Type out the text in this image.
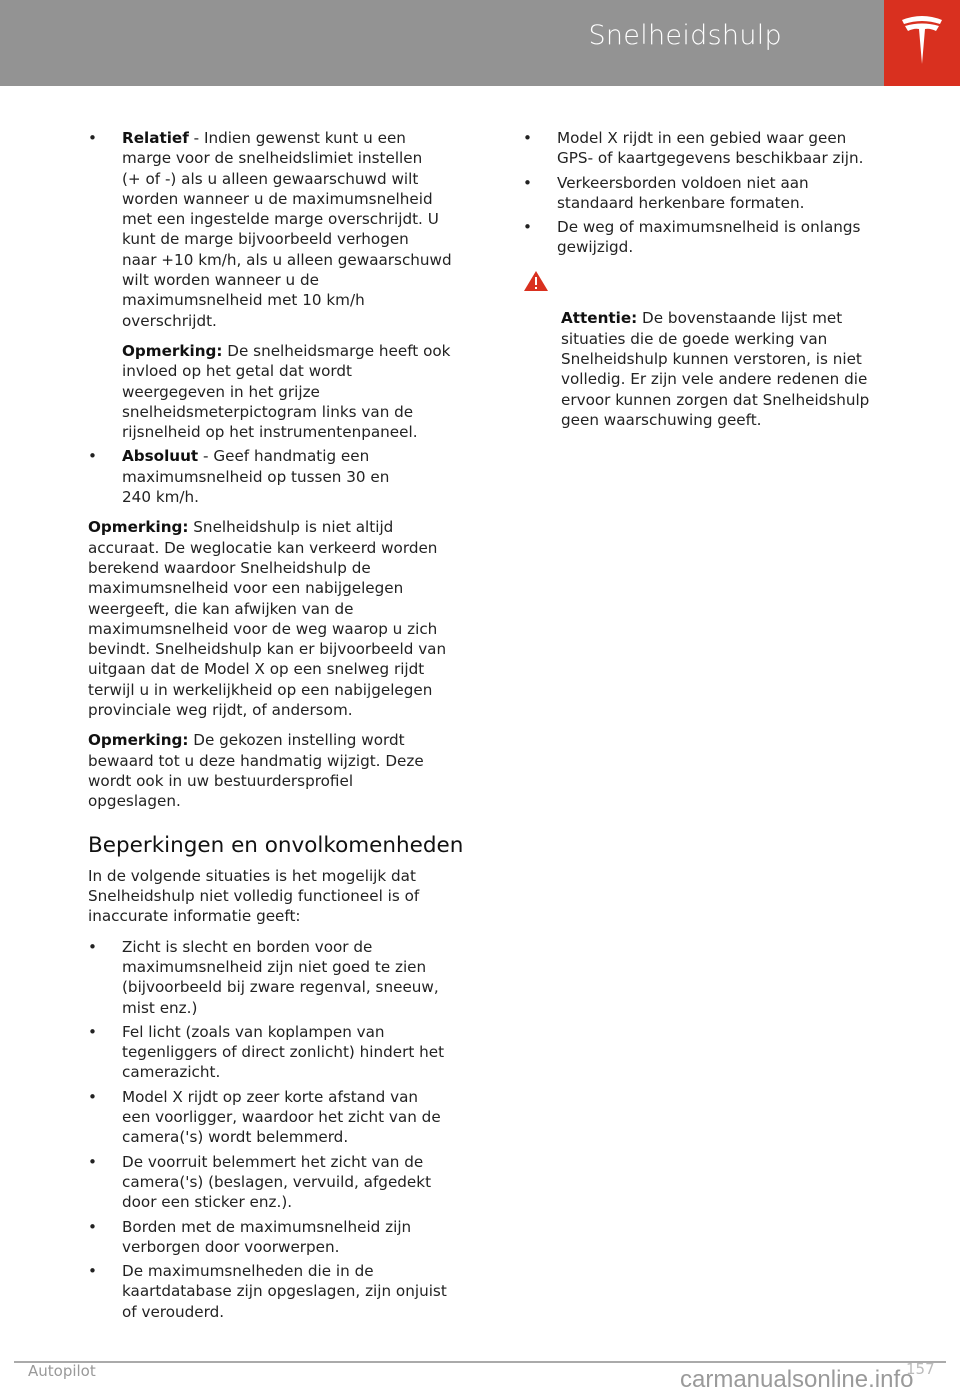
Snelheidshulp
• Relatief - Indien gewenst kunt u een
marge voor de snelheidslimiet instellen
(+ of -) als u alleen gewaarschuwd wilt
worden wanneer u de maximumsnelheid
met een ingestelde marge overschrijdt. U
kunt de marge bijvoorbeeld verhogen
naar +10 km/h, als u alleen gewaarschuwd
wilt worden wanneer u de
maximumsnelheid met 10 km/h
overschrijdt.
Opmerking: De snelheidsmarge heeft ook
invloed op het getal dat wordt
weergegeven in het grijze
snelheidsmeterpictogram links van de
rijsnelheid op het instrumentenpaneel.
• Absoluut - Geef handmatig een
maximumsnelheid op tussen 30 en
240 km/h.

Opmerking: Snelheidshulp is niet altijd
accuraat. De weglocatie kan verkeerd worden
berekend waardoor Snelheidshulp de
maximumsnelheid voor een nabijgelegen
weergeeft, die kan afwijken van de
maximumsnelheid voor de weg waarop u zich
bevindt. Snelheidshulp kan er bijvoorbeeld van
uitgaan dat de Model X op een snelweg rijdt
terwijl u in werkelijkheid op een nabijgelegen
provinciale weg rijdt, of andersom.

Opmerking: De gekozen instelling wordt
bewaard tot u deze handmatig wijzigt. Deze
wordt ook in uw bestuurdersprofiel
opgeslagen.

Beperkingen en onvolkomenheden

In de volgende situaties is het mogelijk dat
Snelheidshulp niet volledig functioneel is of
inaccurate informatie geeft:

• Zicht is slecht en borden voor de
maximumsnelheid zijn niet goed te zien
(bijvoorbeeld bij zware regenval, sneeuw,
mist enz.)
• Fel licht (zoals van koplampen van
tegenliggers of direct zonlicht) hindert het
camerazicht.
• Model X rijdt op zeer korte afstand van
een voorligger, waardoor het zicht van de
camera('s) wordt belemmerd.
• De voorruit belemmert het zicht van de
camera('s) (beslagen, vervuild, afgedekt
door een sticker enz.).
• Borden met de maximumsnelheid zijn
verborgen door voorwerpen.
• De maximumsnelheden die in de
kaartdatabase zijn opgeslagen, zijn onjuist
of verouderd.
• Model X rijdt in een gebied waar geen
GPS- of kaartgegevens beschikbaar zijn.
• Verkeersborden voldoen niet aan
standaard herkenbare formaten.
• De weg of maximumsnelheid is onlangs
gewijzigd.

Attentie: De bovenstaande lijst met
situaties die de goede werking van
Snelheidshulp kunnen verstoren, is niet
volledig. Er zijn vele andere redenen die
ervoor kunnen zorgen dat Snelheidshulp
geen waarschuwing geeft.

Autopilot	157
carmanualsonline.info
